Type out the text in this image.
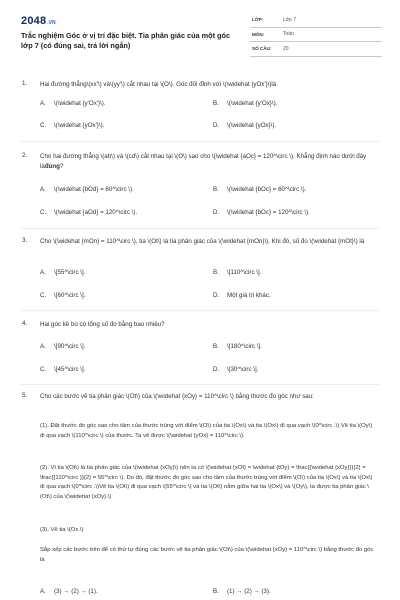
2048 .VN
Trắc nghiệm Góc ở vị trí đặc biệt. Tia phân giác của một góc lớp 7 (có đúng sai, trả lời ngắn)
LỚP:	Lớp 7
MÔN:	Toán
SỐ CÂU:	20
1. Hai đường thẳng\(xx'\) và\(yy'\) cắt nhau tại \(O\). Góc đối đỉnh với \(\widehat {yOx'}\)là
A.	\(\widehat {y'Ox'}\).	B.	\(\widehat {y'Ox}\).
C.	\(\widehat {yOx'}\).	D.	\(\widehat {yOx}\).
2. Cho hai đường thẳng \(ab\) và \(cd\) cắt nhau tại \(O\) sao cho \(\widehat {aOc} = 120^\circ \). Khẳng định nào dưới đây làđúng?
A.	\(\widehat {bOd} = 60^\circ \).	B.	\(\widehat {bOc} = 60^\circ \).
C.	\(\widehat {aOd} = 120^\circ \).	D.	\(\widehat {bOc} = 120^\circ \).
3. Cho \(\widehat {mOn} = 110^\circ \), tia \(Ot\) là tia phân giác của \(\widehat {mOn}\). Khi đó, số đo \(\widehat {mOt}\) là
A.	\[55^\circ \].	B.	\[110^\circ \].
C.	\[60^\circ \].	D.	Một giá trị khác.
4. Hai góc kề bù có tổng số đo bằng bao nhiêu?
A.	\[90^\circ \].	B.	\[180^\circ \].
C.	\[45^\circ \].	D.	\[30^\circ \].
5. Cho các bước vẽ tia phân giác \(Ot\) của \(\widehat {xOy} = 110^\circ \) bằng thước đo góc như sau:
(1). Đặt thước đo góc sao cho tâm của thước trùng với điểm \(O\) của tia \(Ox\) và tia \(Ox\) đi qua vạch \(0^\circ .\) Vẽ tia \(Oy\) đi qua vạch \(110^\circ \) của thước. Ta vẽ được \(\widehat {yOx} = 110^\circ \).
(2). Vì tia \(Ot\) là tia phân giác của \(\widehat {xOy}\) nên ta có \(\widehat {xOt} = \widehat {tOy} = \frac{{\widehat {xOy}}}{2} = \frac{{110^\circ }}{2} = 55^\circ \). Do đó, đặt thước đo góc sao cho tâm của thước trùng với điểm \(O\) của tia \(Ox\) và tia \(Ox\) đi qua vạch \(0^\circ .\)Vẽ tia \(Ot\) đi qua vạch \(55^\circ \) và tia \(Ot\) nằm giữa hai tia \(Ox\) và \(Oy\), ta được tia phân giác \(Ot\) của \(\widehat {xOy}.\)
(3). Vẽ tia \(Ox.\)
Sắp xếp các bước trên để có thứ tự đúng các bước vẽ tia phân giác \(Ot\) của \(\widehat {xOy} = 110^\circ \) bằng thước đo góc là
A.	(3) → (2) → (1).	B.	(1) → (2) → (3).
